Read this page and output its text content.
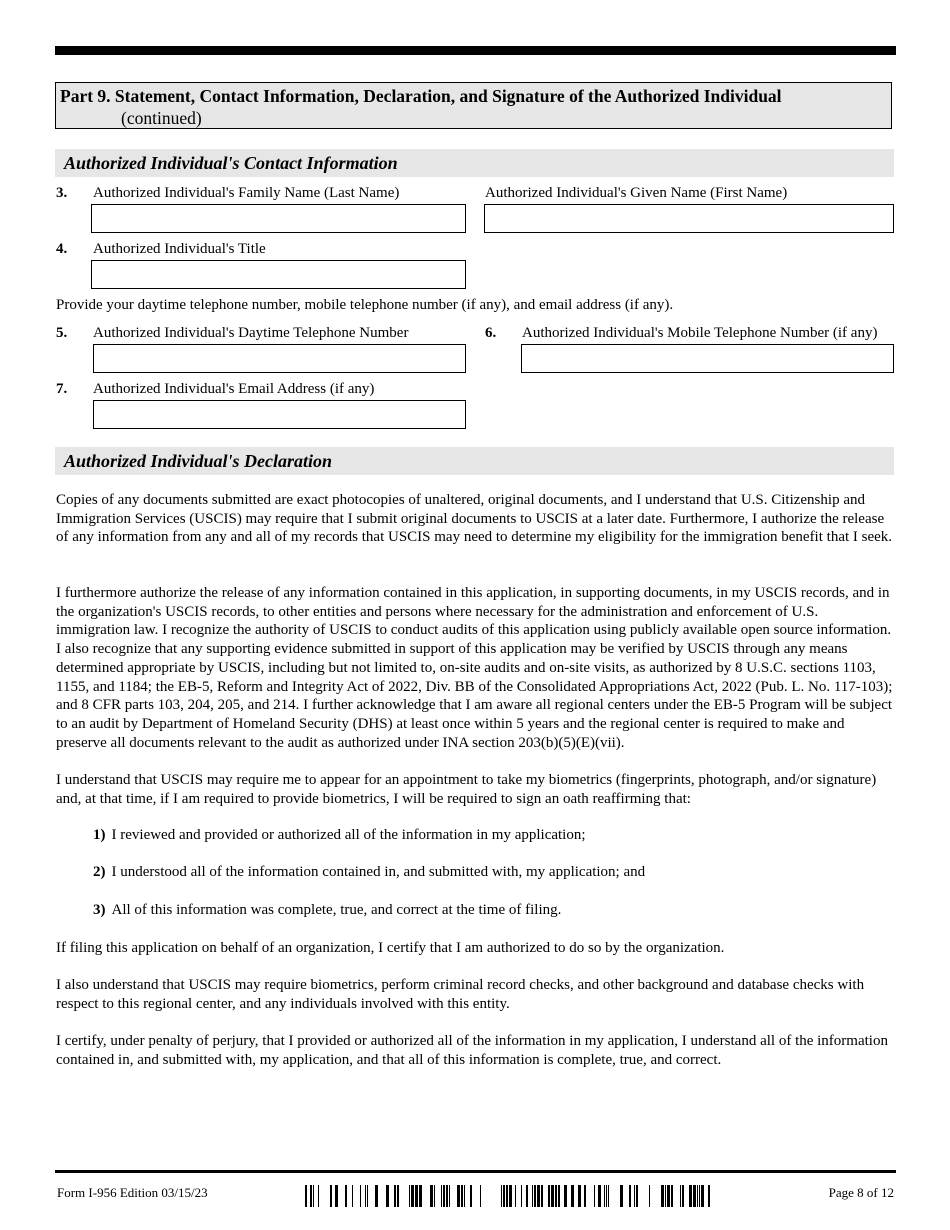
Part 9. Statement, Contact Information, Declaration, and Signature of the Authorized Individual
(continued)
Authorized Individual's Contact Information
3. Authorized Individual's Family Name (Last Name)	Authorized Individual's Given Name (First Name)
4. Authorized Individual's Title
Provide your daytime telephone number, mobile telephone number (if any), and email address (if any).
5. Authorized Individual's Daytime Telephone Number	6. Authorized Individual's Mobile Telephone Number (if any)
7. Authorized Individual's Email Address (if any)
Authorized Individual's Declaration

Copies of any documents submitted are exact photocopies of unaltered, original documents, and I understand that U.S. Citizenship and Immigration Services (USCIS) may require that I submit original documents to USCIS at a later date. Furthermore, I authorize the release of any information from any and all of my records that USCIS may need to determine my eligibility for the immigration benefit that I seek.

I furthermore authorize the release of any information contained in this application, in supporting documents, in my USCIS records, and in the organization's USCIS records, to other entities and persons where necessary for the administration and enforcement of U.S. immigration law. I recognize the authority of USCIS to conduct audits of this application using publicly available open source information. I also recognize that any supporting evidence submitted in support of this application may be verified by USCIS through any means determined appropriate by USCIS, including but not limited to, on-site audits and on-site visits, as authorized by 8 U.S.C. sections 1103, 1155, and 1184; the EB-5, Reform and Integrity Act of 2022, Div. BB of the Consolidated Appropriations Act, 2022 (Pub. L. No. 117-103); and 8 CFR parts 103, 204, 205, and 214. I further acknowledge that I am aware all regional centers under the EB-5 Program will be subject to an audit by Department of Homeland Security (DHS) at least once within 5 years and the regional center is required to make and preserve all documents relevant to the audit as authorized under INA section 203(b)(5)(E)(vii).

I understand that USCIS may require me to appear for an appointment to take my biometrics (fingerprints, photograph, and/or signature) and, at that time, if I am required to provide biometrics, I will be required to sign an oath reaffirming that:

1) I reviewed and provided or authorized all of the information in my application;
2) I understood all of the information contained in, and submitted with, my application; and
3) All of this information was complete, true, and correct at the time of filing.

If filing this application on behalf of an organization, I certify that I am authorized to do so by the organization.

I also understand that USCIS may require biometrics, perform criminal record checks, and other background and database checks with respect to this regional center, and any individuals involved with this entity.

I certify, under penalty of perjury, that I provided or authorized all of the information in my application, I understand all of the information contained in, and submitted with, my application, and that all of this information is complete, true, and correct.

Form I-956 Edition 03/15/23	Page 8 of 12
